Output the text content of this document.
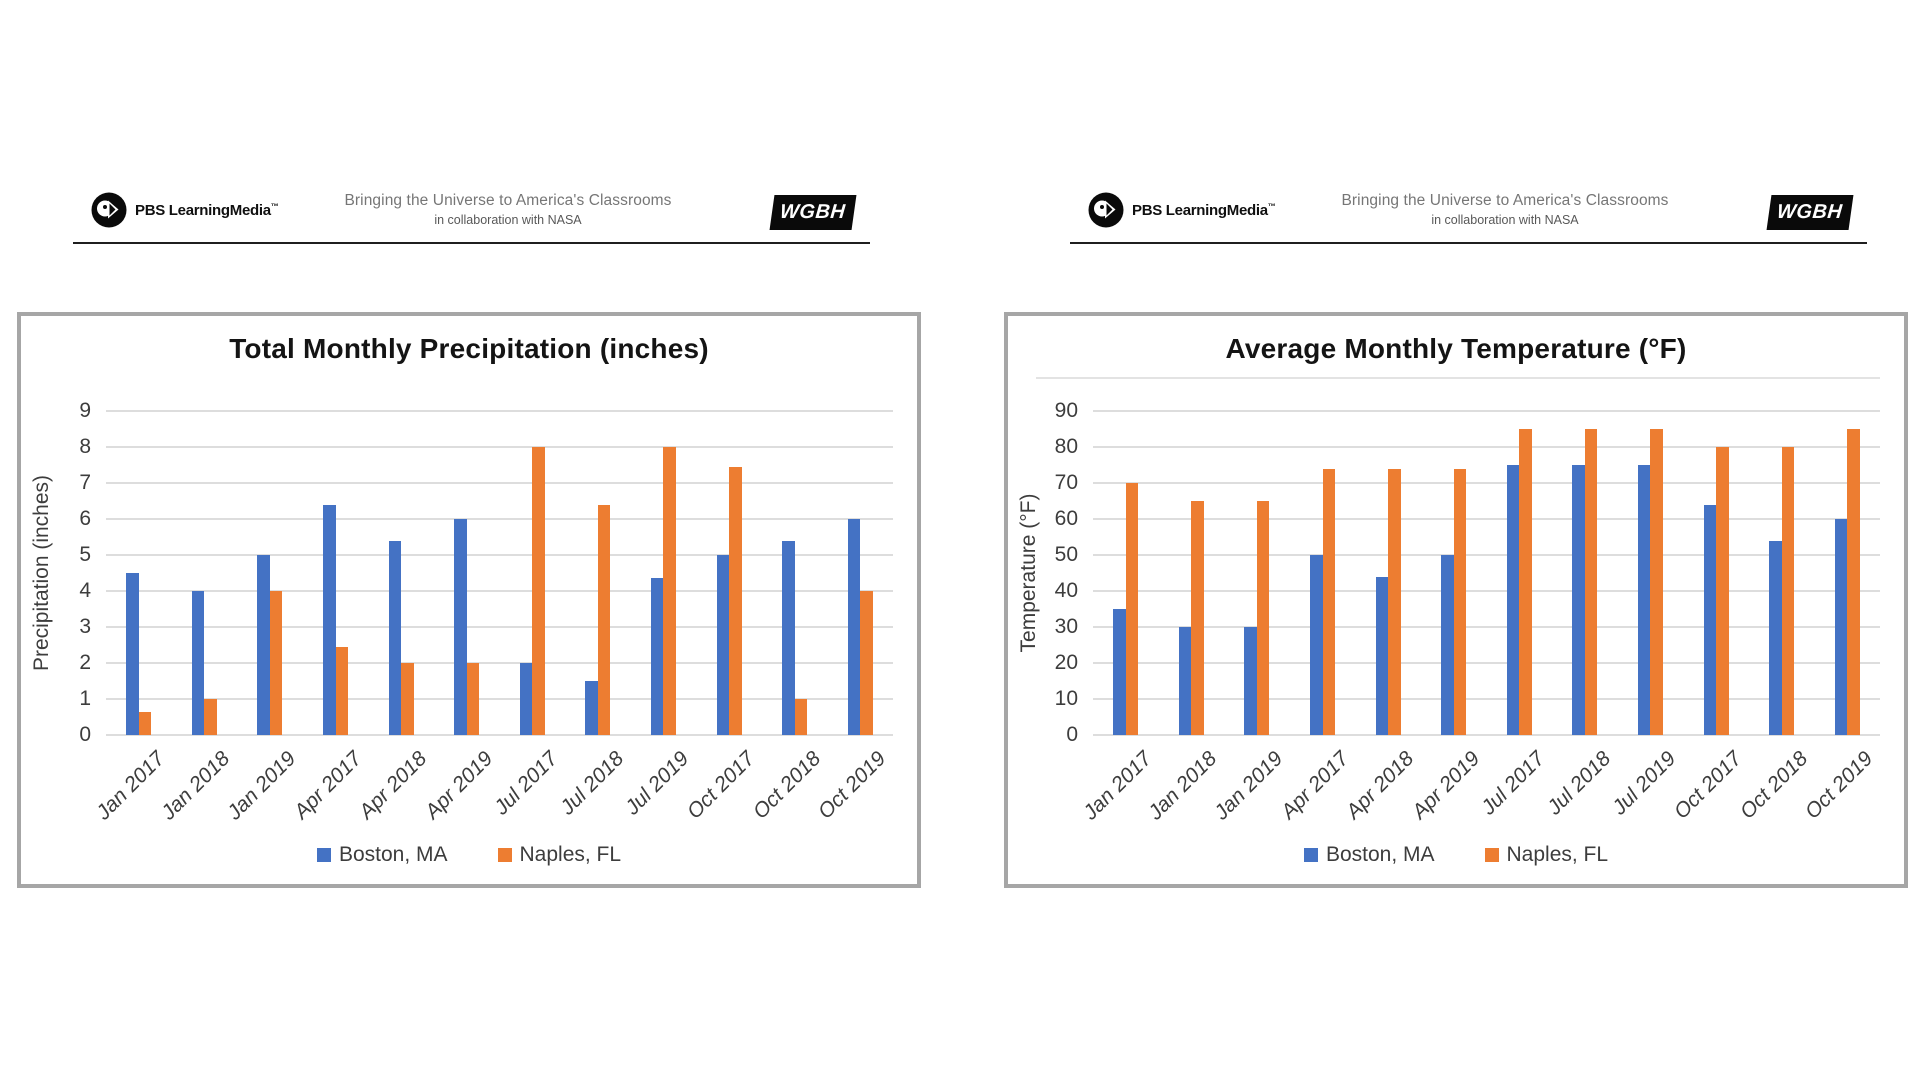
PBS LearningMedia™	Bringing the Universe to America's Classrooms
in collaboration with NASA	WGBH	PBS LearningMedia™	Bringing the Universe to America's Classrooms
in collaboration with NASA	WGBH
Total Monthly Precipitation (inches)
Precipitation (inches)
0
1
2
3
4
5
6
7
8
9
Jan 2017
Jan 2018
Jan 2019
Apr 2017
Apr 2018
Apr 2019
Jul 2017
Jul 2018
Jul 2019
Oct 2017
Oct 2018
Oct 2019
Boston, MA	Naples, FL
Average Monthly Temperature (°F)
Temperature (°F)
0
10
20
30
40
50
60
70
80
90
Jan 2017
Jan 2018
Jan 2019
Apr 2017
Apr 2018
Apr 2019
Jul 2017
Jul 2018
Jul 2019
Oct 2017
Oct 2018
Oct 2019
Boston, MA	Naples, FL
